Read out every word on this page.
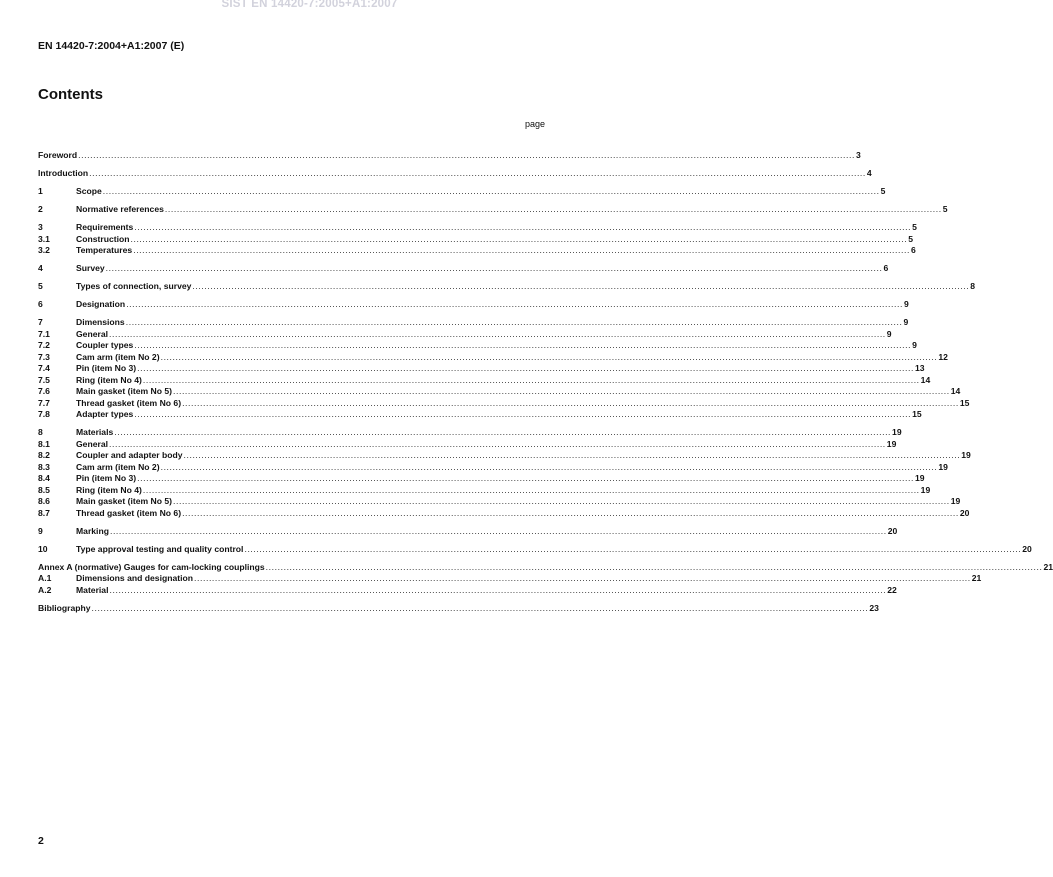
SIST EN 14420-7:2005+A1:2007
EN 14420-7:2004+A1:2007 (E)
Contents
page
Foreword .................................................................................................................................................................................................................................................................... 3
Introduction .................................................................................................................................................................................................................................................................... 4
1	Scope .................................................................................................................................................................................................................................................................... 5
2	Normative references .................................................................................................................................................................................................................................................................... 5
3	Requirements .................................................................................................................................................................................................................................................................... 5
3.1	Construction .................................................................................................................................................................................................................................................................... 5
3.2	Temperatures .................................................................................................................................................................................................................................................................... 6
4	Survey .................................................................................................................................................................................................................................................................... 6
5	Types of connection, survey .................................................................................................................................................................................................................................................................... 8
6	Designation .................................................................................................................................................................................................................................................................... 9
7	Dimensions .................................................................................................................................................................................................................................................................... 9
7.1	General .................................................................................................................................................................................................................................................................... 9
7.2	Coupler types .................................................................................................................................................................................................................................................................... 9
7.3	Cam arm (item No 2) .................................................................................................................................................................................................................................................................... 12
7.4	Pin (item No 3) .................................................................................................................................................................................................................................................................... 13
7.5	Ring (item No 4) .................................................................................................................................................................................................................................................................... 14
7.6	Main gasket (item No 5) .................................................................................................................................................................................................................................................................... 14
7.7	Thread gasket (item No 6) .................................................................................................................................................................................................................................................................... 15
7.8	Adapter types .................................................................................................................................................................................................................................................................... 15
8	Materials .................................................................................................................................................................................................................................................................... 19
8.1	General .................................................................................................................................................................................................................................................................... 19
8.2	Coupler and adapter body .................................................................................................................................................................................................................................................................... 19
8.3	Cam arm (item No 2) .................................................................................................................................................................................................................................................................... 19
8.4	Pin (item No 3) .................................................................................................................................................................................................................................................................... 19
8.5	Ring (item No 4) .................................................................................................................................................................................................................................................................... 19
8.6	Main gasket (item No 5) .................................................................................................................................................................................................................................................................... 19
8.7	Thread gasket (item No 6) .................................................................................................................................................................................................................................................................... 20
9	Marking .................................................................................................................................................................................................................................................................... 20
10	Type approval testing and quality control .................................................................................................................................................................................................................................................................... 20
Annex A (normative) Gauges for cam-locking couplings .................................................................................................................................................................................................................................................................... 21
A.1	Dimensions and designation .................................................................................................................................................................................................................................................................... 21
A.2	Material .................................................................................................................................................................................................................................................................... 22
Bibliography .................................................................................................................................................................................................................................................................... 23
2
